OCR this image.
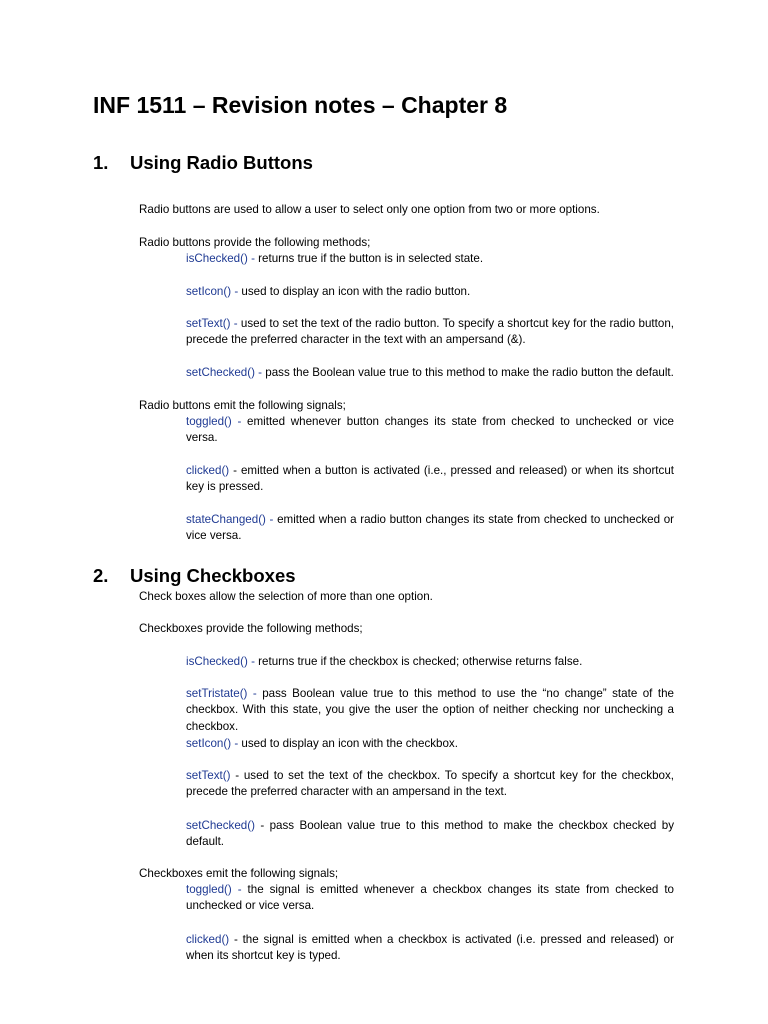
INF 1511 – Revision notes – Chapter 8
1. Using Radio Buttons

Radio buttons are used to allow a user to select only one option from two or more options.

Radio buttons provide the following methods;

isChecked() - returns true if the button is in selected state.

setIcon() - used to display an icon with the radio button.

setText() - used to set the text of the radio button. To specify a shortcut key for the radio button, precede the preferred character in the text with an ampersand (&).

setChecked() - pass the Boolean value true to this method to make the radio button the default.

Radio buttons emit the following signals;

toggled() - emitted whenever button changes its state from checked to unchecked or vice versa.

clicked() - emitted when a button is activated (i.e., pressed and released) or when its shortcut key is pressed.

stateChanged() - emitted when a radio button changes its state from checked to unchecked or vice versa.

2. Using Checkboxes

Check boxes allow the selection of more than one option.

Checkboxes provide the following methods;

isChecked() - returns true if the checkbox is checked; otherwise returns false.

setTristate() - pass Boolean value true to this method to use the “no change” state of the checkbox. With this state, you give the user the option of neither checking nor unchecking a checkbox.

setIcon() - used to display an icon with the checkbox.

setText() - used to set the text of the checkbox. To specify a shortcut key for the checkbox, precede the preferred character with an ampersand in the text.

setChecked() - pass Boolean value true to this method to make the checkbox checked by default.

Checkboxes emit the following signals;

toggled() - the signal is emitted whenever a checkbox changes its state from checked to unchecked or vice versa.

clicked() - the signal is emitted when a checkbox is activated (i.e. pressed and released) or when its shortcut key is typed.
